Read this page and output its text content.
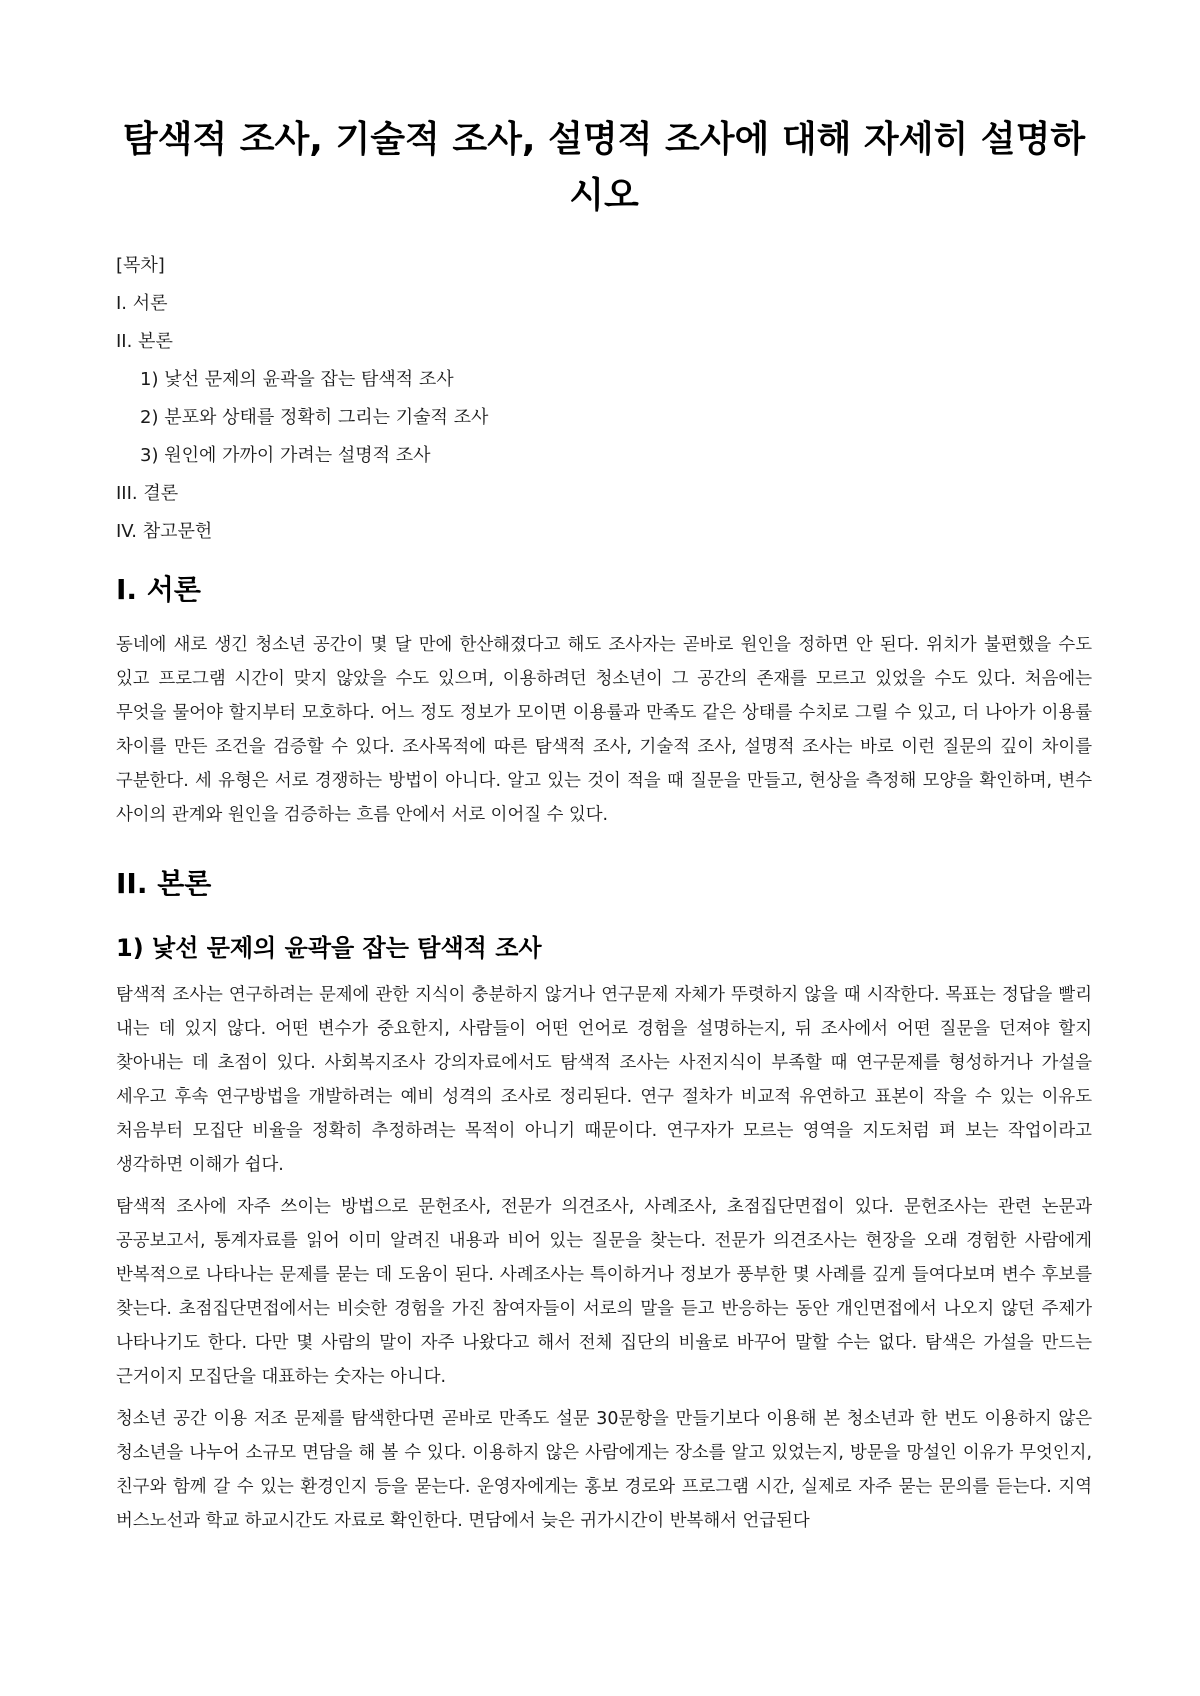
탐색적 조사, 기술적 조사, 설명적 조사에 대해 자세히 설명하시오
[목차]
I. 서론
II. 본론
1) 낯선 문제의 윤곽을 잡는 탐색적 조사
2) 분포와 상태를 정확히 그리는 기술적 조사
3) 원인에 가까이 가려는 설명적 조사
III. 결론
IV. 참고문헌
I. 서론

동네에 새로 생긴 청소년 공간이 몇 달 만에 한산해졌다고 해도 조사자는 곧바로 원인을 정하면 안 된다. 위치가 불편했을 수도 있고 프로그램 시간이 맞지 않았을 수도 있으며, 이용하려던 청소년이 그 공간의 존재를 모르고 있었을 수도 있다. 처음에는 무엇을 물어야 할지부터 모호하다. 어느 정도 정보가 모이면 이용률과 만족도 같은 상태를 수치로 그릴 수 있고, 더 나아가 이용률 차이를 만든 조건을 검증할 수 있다. 조사목적에 따른 탐색적 조사, 기술적 조사, 설명적 조사는 바로 이런 질문의 깊이 차이를 구분한다. 세 유형은 서로 경쟁하는 방법이 아니다. 알고 있는 것이 적을 때 질문을 만들고, 현상을 측정해 모양을 확인하며, 변수 사이의 관계와 원인을 검증하는 흐름 안에서 서로 이어질 수 있다.

II. 본론
1) 낯선 문제의 윤곽을 잡는 탐색적 조사

탐색적 조사는 연구하려는 문제에 관한 지식이 충분하지 않거나 연구문제 자체가 뚜렷하지 않을 때 시작한다. 목표는 정답을 빨리 내는 데 있지 않다. 어떤 변수가 중요한지, 사람들이 어떤 언어로 경험을 설명하는지, 뒤 조사에서 어떤 질문을 던져야 할지 찾아내는 데 초점이 있다. 사회복지조사 강의자료에서도 탐색적 조사는 사전지식이 부족할 때 연구문제를 형성하거나 가설을 세우고 후속 연구방법을 개발하려는 예비 성격의 조사로 정리된다. 연구 절차가 비교적 유연하고 표본이 작을 수 있는 이유도 처음부터 모집단 비율을 정확히 추정하려는 목적이 아니기 때문이다. 연구자가 모르는 영역을 지도처럼 펴 보는 작업이라고 생각하면 이해가 쉽다.

탐색적 조사에 자주 쓰이는 방법으로 문헌조사, 전문가 의견조사, 사례조사, 초점집단면접이 있다. 문헌조사는 관련 논문과 공공보고서, 통계자료를 읽어 이미 알려진 내용과 비어 있는 질문을 찾는다. 전문가 의견조사는 현장을 오래 경험한 사람에게 반복적으로 나타나는 문제를 묻는 데 도움이 된다. 사례조사는 특이하거나 정보가 풍부한 몇 사례를 깊게 들여다보며 변수 후보를 찾는다. 초점집단면접에서는 비슷한 경험을 가진 참여자들이 서로의 말을 듣고 반응하는 동안 개인면접에서 나오지 않던 주제가 나타나기도 한다. 다만 몇 사람의 말이 자주 나왔다고 해서 전체 집단의 비율로 바꾸어 말할 수는 없다. 탐색은 가설을 만드는 근거이지 모집단을 대표하는 숫자는 아니다.

청소년 공간 이용 저조 문제를 탐색한다면 곧바로 만족도 설문 30문항을 만들기보다 이용해 본 청소년과 한 번도 이용하지 않은 청소년을 나누어 소규모 면담을 해 볼 수 있다. 이용하지 않은 사람에게는 장소를 알고 있었는지, 방문을 망설인 이유가 무엇인지, 친구와 함께 갈 수 있는 환경인지 등을 묻는다. 운영자에게는 홍보 경로와 프로그램 시간, 실제로 자주 묻는 문의를 듣는다. 지역 버스노선과 학교 하교시간도 자료로 확인한다. 면담에서 늦은 귀가시간이 반복해서 언급된다
